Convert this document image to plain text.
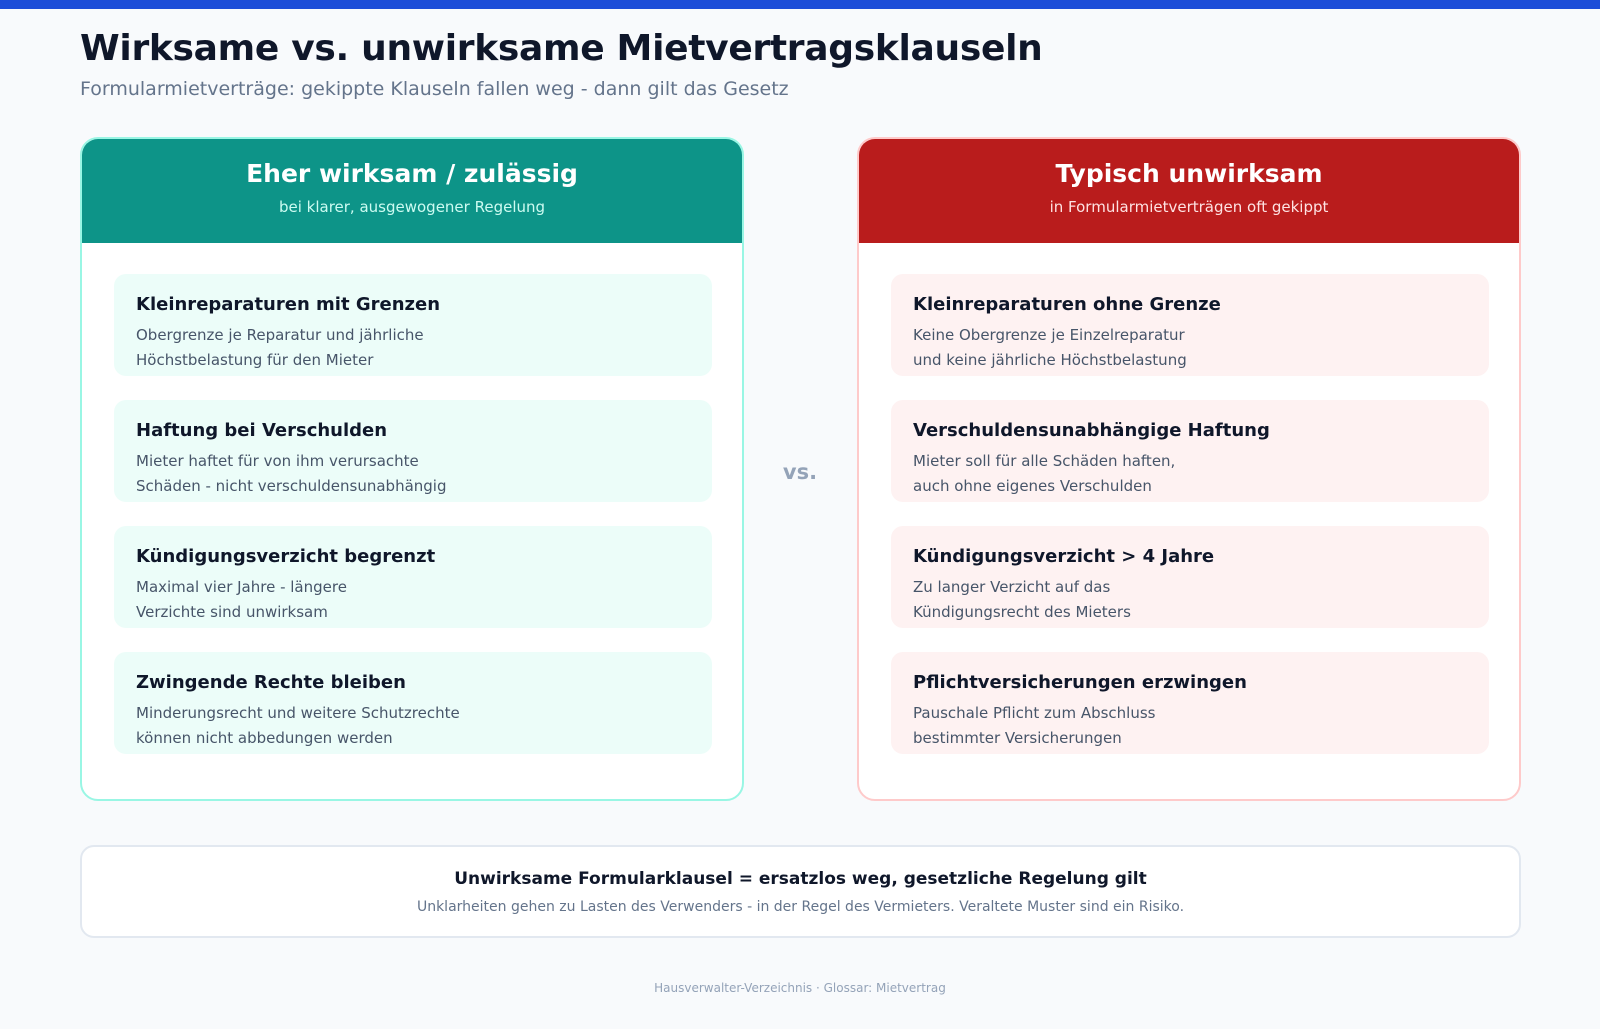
Wirksame vs. unwirksame Mietvertragsklauseln
Formularmietverträge: gekippte Klauseln fallen weg - dann gilt das Gesetz
Eher wirksam / zulässig
bei klarer, ausgewogener Regelung
Kleinreparaturen mit Grenzen
Obergrenze je Reparatur und jährliche
Höchstbelastung für den Mieter
Haftung bei Verschulden
Mieter haftet für von ihm verursachte
Schäden - nicht verschuldensunabhängig
Kündigungsverzicht begrenzt
Maximal vier Jahre - längere
Verzichte sind unwirksam
Zwingende Rechte bleiben
Minderungsrecht und weitere Schutzrechte
können nicht abbedungen werden
vs.
Typisch unwirksam
in Formularmietverträgen oft gekippt
Kleinreparaturen ohne Grenze
Keine Obergrenze je Einzelreparatur
und keine jährliche Höchstbelastung
Verschuldensunabhängige Haftung
Mieter soll für alle Schäden haften,
auch ohne eigenes Verschulden
Kündigungsverzicht > 4 Jahre
Zu langer Verzicht auf das
Kündigungsrecht des Mieters
Pflichtversicherungen erzwingen
Pauschale Pflicht zum Abschluss
bestimmter Versicherungen
Unwirksame Formularklausel = ersatzlos weg, gesetzliche Regelung gilt
Unklarheiten gehen zu Lasten des Verwenders - in der Regel des Vermieters. Veraltete Muster sind ein Risiko.
Hausverwalter-Verzeichnis · Glossar: Mietvertrag
